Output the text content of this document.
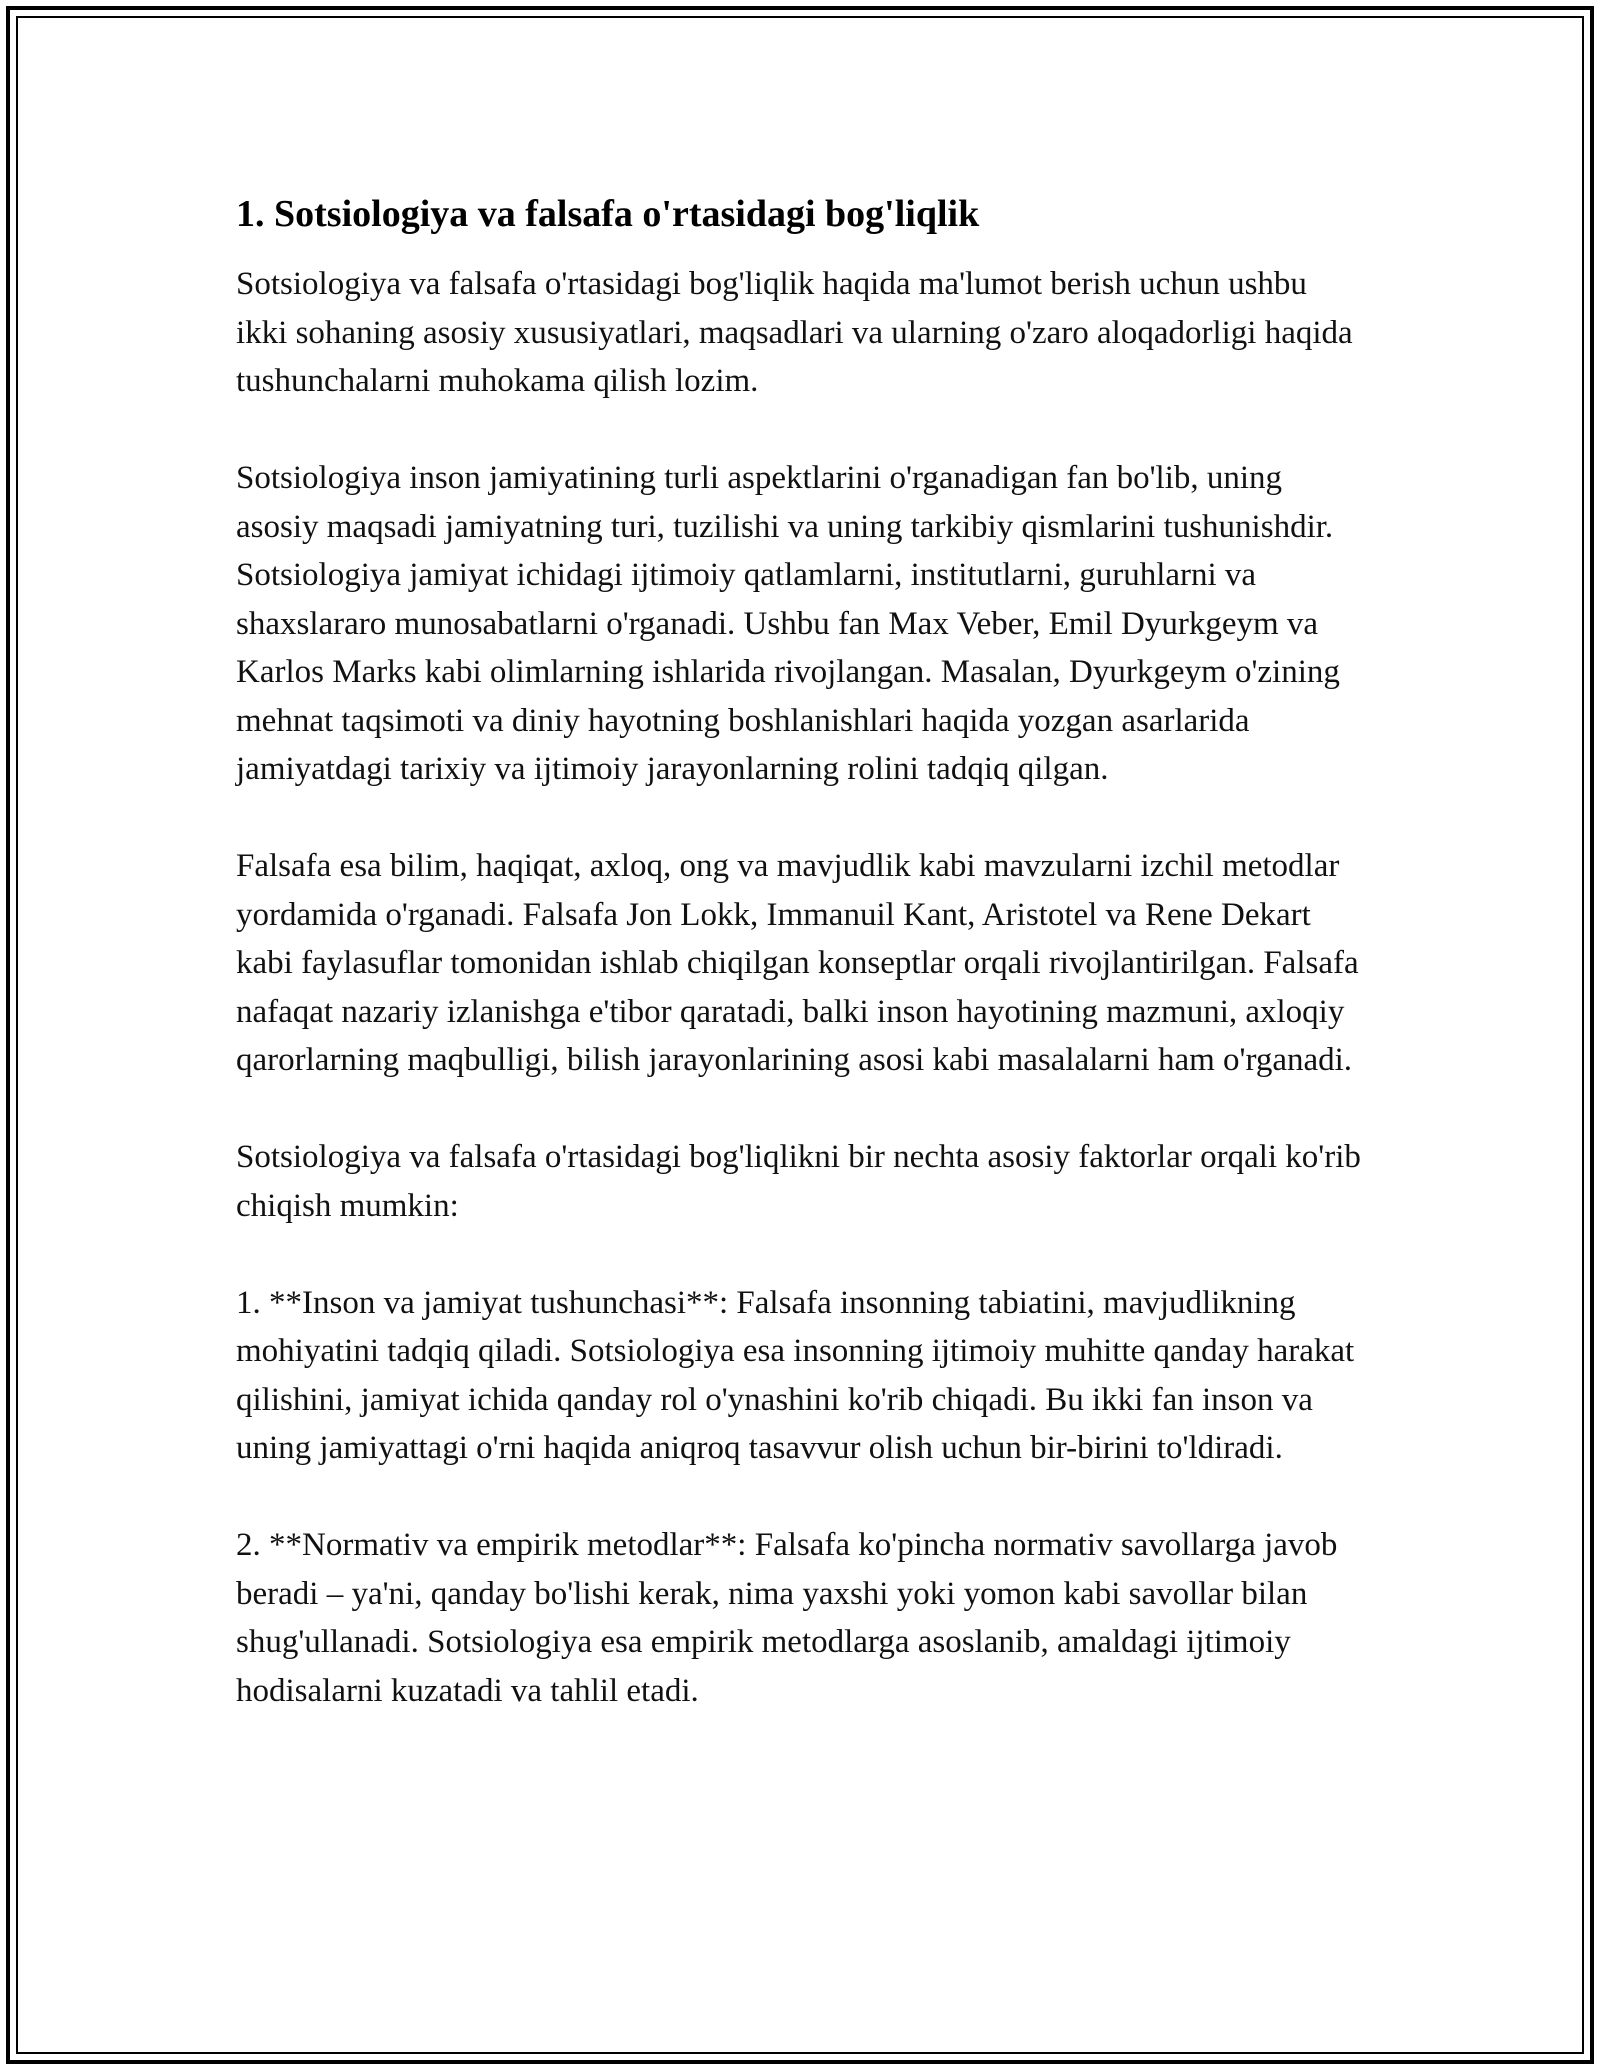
1. Sotsiologiya va falsafa o'rtasidagi bog'liqlik

Sotsiologiya va falsafa o'rtasidagi bog'liqlik haqida ma'lumot berish uchun ushbu ikki sohaning asosiy xususiyatlari, maqsadlari va ularning o'zaro aloqadorligi haqida tushunchalarni muhokama qilish lozim.

Sotsiologiya inson jamiyatining turli aspektlarini o'rganadigan fan bo'lib, uning asosiy maqsadi jamiyatning turi, tuzilishi va uning tarkibiy qismlarini tushunishdir. Sotsiologiya jamiyat ichidagi ijtimoiy qatlamlarni, institutlarni, guruhlarni va shaxslararo munosabatlarni o'rganadi. Ushbu fan Max Veber, Emil Dyurkgeym va Karlos Marks kabi olimlarning ishlarida rivojlangan. Masalan, Dyurkgeym o'zining mehnat taqsimoti va diniy hayotning boshlanishlari haqida yozgan asarlarida jamiyatdagi tarixiy va ijtimoiy jarayonlarning rolini tadqiq qilgan.

Falsafa esa bilim, haqiqat, axloq, ong va mavjudlik kabi mavzularni izchil metodlar yordamida o'rganadi. Falsafa Jon Lokk, Immanuil Kant, Aristotel va Rene Dekart kabi faylasuflar tomonidan ishlab chiqilgan konseptlar orqali rivojlantirilgan. Falsafa nafaqat nazariy izlanishga e'tibor qaratadi, balki inson hayotining mazmuni, axloqiy qarorlarning maqbulligi, bilish jarayonlarining asosi kabi masalalarni ham o'rganadi.

Sotsiologiya va falsafa o'rtasidagi bog'liqlikni bir nechta asosiy faktorlar orqali ko'rib chiqish mumkin:

1. **Inson va jamiyat tushunchasi**: Falsafa insonning tabiatini, mavjudlikning mohiyatini tadqiq qiladi. Sotsiologiya esa insonning ijtimoiy muhitte qanday harakat qilishini, jamiyat ichida qanday rol o'ynashini ko'rib chiqadi. Bu ikki fan inson va uning jamiyattagi o'rni haqida aniqroq tasavvur olish uchun bir-birini to'ldiradi.

2. **Normativ va empirik metodlar**: Falsafa ko'pincha normativ savollarga javob beradi – ya'ni, qanday bo'lishi kerak, nima yaxshi yoki yomon kabi savollar bilan shug'ullanadi. Sotsiologiya esa empirik metodlarga asoslanib, amaldagi ijtimoiy hodisalarni kuzatadi va tahlil etadi.
